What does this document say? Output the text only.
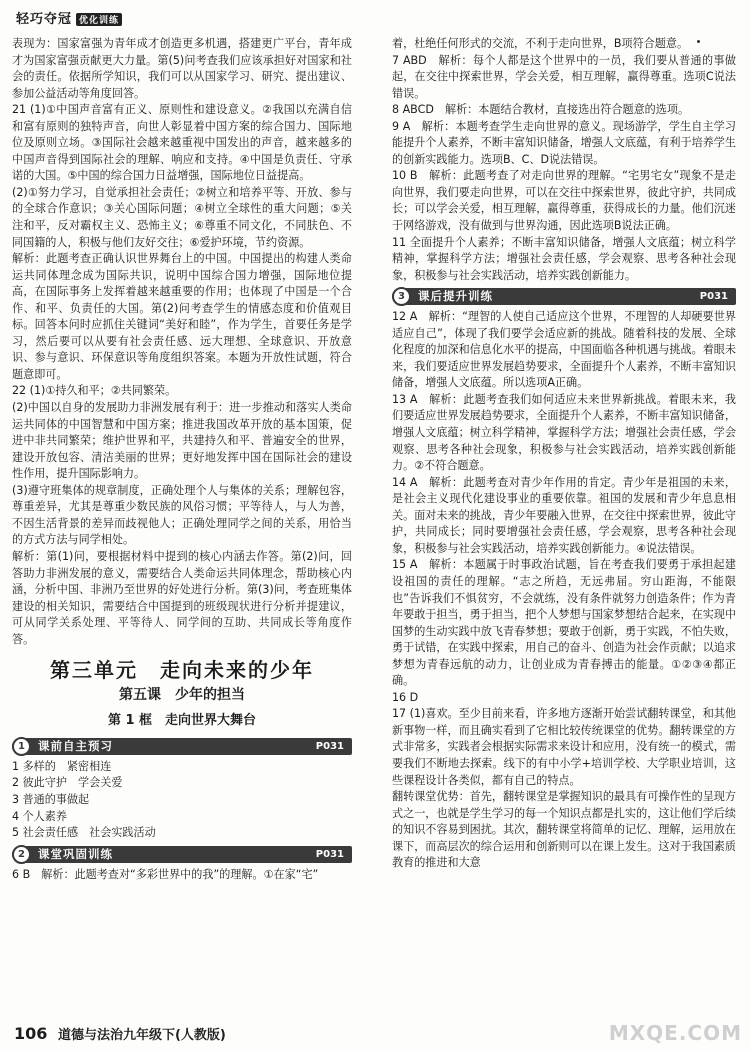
轻巧夺冠 优化训练

表现为：国家富强为青年成才创造更多机遇，搭建更广平台，青年成才为国家富强贡献更大力量。第(5)问考查我们应该承担好对国家和社会的责任。依据所学知识，我们可以从国家学习、研究、提出建议、参加公益活动等角度回答。

21 (1)①中国声音富有正义、原则性和建设意义。②我国以充满自信和富有原则的独特声音，向世人彰显着中国方案的综合国力、国际地位及原则立场。③国际社会越来越重视中国发出的声音，越来越多的中国声音得到国际社会的理解、响应和支持。④中国是负责任、守承诺的大国。⑤中国的综合国力日益增强，国际地位日益提高。

(2)①努力学习，自觉承担社会责任；②树立和培养平等、开放、参与的全球合作意识；③关心国际问题；④树立全球性的重大问题；⑤关注和平，反对霸权主义、恐怖主义；⑥尊重不同文化，不同肤色、不同国籍的人，积极与他们友好交往；⑥爱护环境，节约资源。

解析：此题考查正确认识世界舞台上的中国。中国提出的构建人类命运共同体理念成为国际共识，说明中国综合国力增强，国际地位提高，在国际事务上发挥着越来越重要的作用；也体现了中国是一个合作、和平、负责任的大国。第(2)问考查学生的情感态度和价值观目标。回答本问时应抓住关键词“美好和睦”，作为学生，首要任务是学习，然后要可以从要有社会责任感、远大理想、全球意识、开放意识、参与意识、环保意识等角度组织答案。本题为开放性试题，符合题意即可。

22 (1)①持久和平；②共同繁荣。

(2)中国以自身的发展助力非洲发展有利于：进一步推动和落实人类命运共同体的中国智慧和中国方案；推进我国改革开放的基本国策，促进中非共同繁荣；维护世界和平，共建持久和平、普遍安全的世界，建设开放包容、清洁美丽的世界；更好地发挥中国在国际社会的建设性作用，提升国际影响力。

(3)遵守班集体的规章制度，正确处理个人与集体的关系；理解包容，尊重差异，尤其是尊重少数民族的风俗习惯；平等待人，与人为善，不因生活背景的差异而歧视他人；正确处理同学之间的关系，用恰当的方式方法与同学相处。

解析：第(1)问，要根据材料中提到的核心内涵去作答。第(2)问，回答助力非洲发展的意义，需要结合人类命运共同体理念，帮助核心内涵，分析中国、非洲乃至世界的好处进行分析。第(3)问，考查班集体建设的相关知识，需要结合中国提到的班级现状进行分析并提建议，可从同学关系处理、平等待人、同学间的互助、共同成长等角度作答。

第三单元　走向未来的少年
第五课　少年的担当
第 1 框　走向世界大舞台
1	课前自主预习	P031

1 多样的　紧密相连

2 彼此守护　学会关爱

3 普通的事做起

4 个人素养

5 社会责任感　社会实践活动

2	课堂巩固训练	P031

6 B　解析：此题考查对“多彩世界中的我”的理解。①在家“宅”

着，杜绝任何形式的交流，不利于走向世界，B项符合题意。

7 ABD　解析：每个人都是这个世界中的一员，我们要从普通的事做起，在交往中探索世界，学会关爱，相互理解，赢得尊重。选项C说法错误。

8 ABCD　解析：本题结合教材，直接选出符合题意的选项。

9 A　解析：本题考查学生走向世界的意义。现场游学，学生自主学习能提升个人素养，不断丰富知识储备，增强人文底蕴，有利于培养学生的创新实践能力。选项B、C、D说法错误。

10 B　解析：此题考查了对走向世界的理解。“宅男宅女”现象不是走向世界，我们要走向世界，可以在交往中探索世界，彼此守护，共同成长；可以学会关爱，相互理解，赢得尊重，获得成长的力量。他们沉迷于网络游戏，没有做到与世界沟通，因此选项B说法正确。

11 全面提升个人素养；不断丰富知识储备，增强人文底蕴；树立科学精神，掌握科学方法；增强社会责任感，学会观察、思考各种社会现象，积极参与社会实践活动，培养实践创新能力。

3	课后提升训练	P031

12 A　解析：“理智的人使自己适应这个世界，不理智的人却硬要世界适应自己”，体现了我们要学会适应新的挑战。随着科技的发展、全球化程度的加深和信息化水平的提高，中国面临各种机遇与挑战。着眼未来，我们要适应世界发展趋势要求，全面提升个人素养，不断丰富知识储备，增强人文底蕴。所以选项A正确。

13 A　解析：此题考查我们如何适应未来世界新挑战。着眼未来，我们要适应世界发展趋势要求，全面提升个人素养，不断丰富知识储备，增强人文底蕴；树立科学精神，掌握科学方法；增强社会责任感，学会观察、思考各种社会现象，积极参与社会实践活动，培养实践创新能力。②不符合题意。

14 A　解析：此题考查对青少年作用的肯定。青少年是祖国的未来，是社会主义现代化建设事业的重要依靠。祖国的发展和青少年息息相关。面对未来的挑战，青少年要融入世界，在交往中探索世界，彼此守护，共同成长；同时要增强社会责任感，学会观察，思考各种社会现象，积极参与社会实践活动，培养实践创新能力。④说法错误。

15 A　解析：本题属于时事政治试题，旨在考查我们要勇于承担起建设祖国的责任的理解。“志之所趋，无远弗届。穷山距海，不能限也”告诉我们不惧贫穷，不会就练，没有条件就努力创造条件；作为青年要敢于担当，勇于担当，把个人梦想与国家梦想结合起来，在实现中国梦的生动实践中放飞青春梦想；要敢于创新，勇于实践，不怕失败，勇于试错，在实践中探索，用自己的奋斗、创造为社会作贡献；以追求梦想为青春远航的动力，让创业成为青春搏击的能量。①②③④都正确。

16 D

17 (1)喜欢。至少目前来看，许多地方逐渐开始尝试翻转课堂，和其他新事物一样，而且确实看到了它相比较传统课堂的优势。翻转课堂的方式非常多，实践者会根据实际需求来设计和应用，没有统一的模式，需要我们不断地去探索。线下的有中小学+培训学校、大学职业培训，这些课程设计各类似，都有自己的特点。

翻转课堂优势：首先，翻转课堂是掌握知识的最具有可操作性的呈现方式之一，也就是学生学习的每一个知识点都是扎实的，这让他们学后续的知识不容易到困扰。其次，翻转课堂将简单的记忆、理解，运用放在课下，而高层次的综合运用和创新则可以在课上发生。这对于我国素质教育的推进和大意

106 道德与法治九年级下(人教版)	MXQE.COM
